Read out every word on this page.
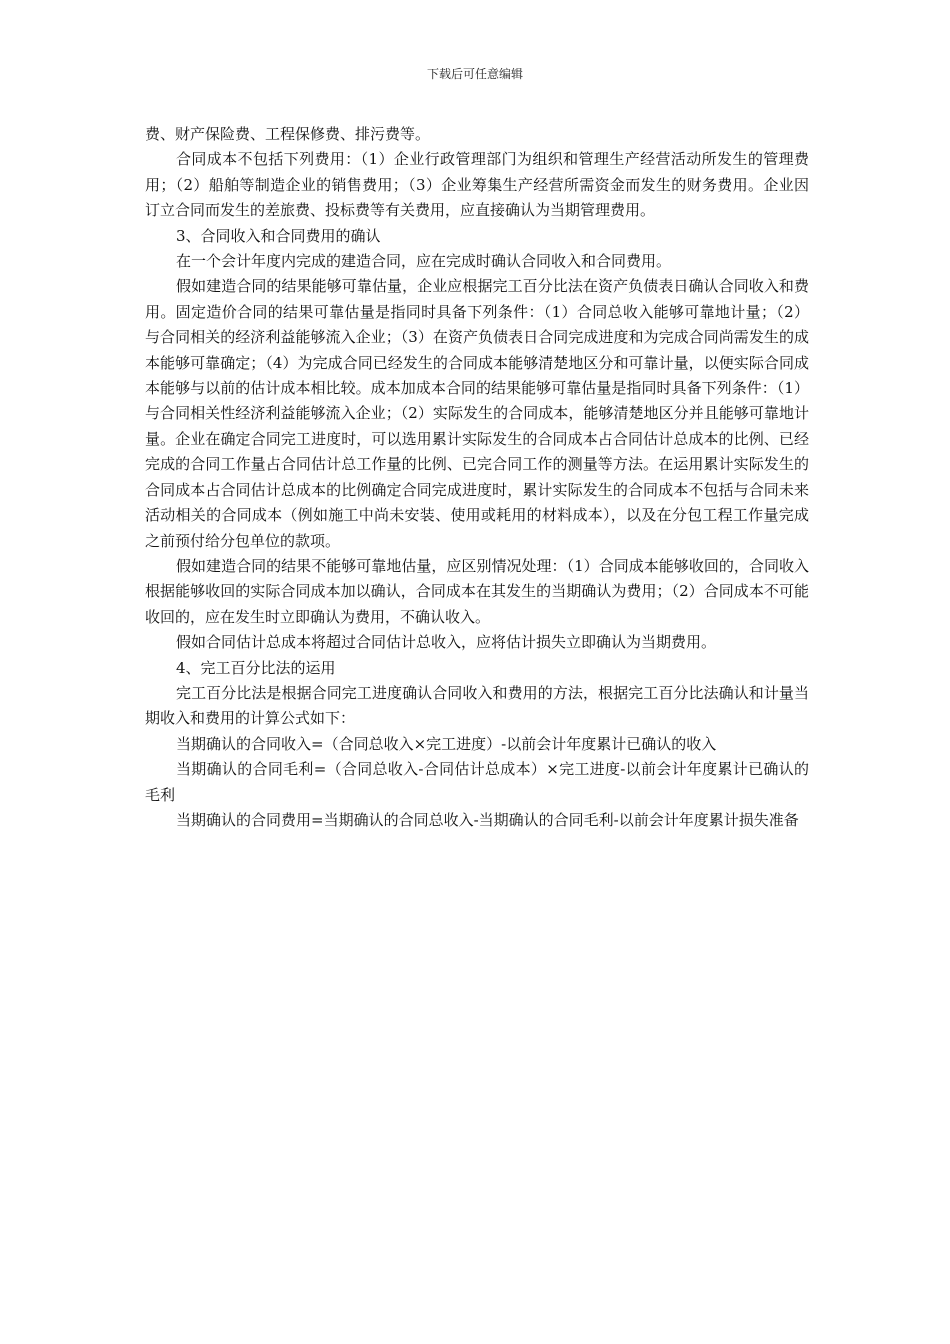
下载后可任意编辑

费、财产保险费、工程保修费、排污费等。

合同成本不包括下列费用：（1）企业行政管理部门为组织和管理生产经营活动所发生的管理费用；（2）船舶等制造企业的销售费用；（3）企业筹集生产经营所需资金而发生的财务费用。企业因订立合同而发生的差旅费、投标费等有关费用，应直接确认为当期管理费用。

3、合同收入和合同费用的确认

在一个会计年度内完成的建造合同，应在完成时确认合同收入和合同费用。

假如建造合同的结果能够可靠估量，企业应根据完工百分比法在资产负债表日确认合同收入和费用。固定造价合同的结果可靠估量是指同时具备下列条件：（1）合同总收入能够可靠地计量；（2）与合同相关的经济利益能够流入企业；（3）在资产负债表日合同完成进度和为完成合同尚需发生的成本能够可靠确定；（4）为完成合同已经发生的合同成本能够清楚地区分和可靠计量，以便实际合同成本能够与以前的估计成本相比较。成本加成本合同的结果能够可靠估量是指同时具备下列条件：（1）与合同相关性经济利益能够流入企业；（2）实际发生的合同成本，能够清楚地区分并且能够可靠地计量。企业在确定合同完工进度时，可以选用累计实际发生的合同成本占合同估计总成本的比例、已经完成的合同工作量占合同估计总工作量的比例、已完合同工作的测量等方法。在运用累计实际发生的合同成本占合同估计总成本的比例确定合同完成进度时，累计实际发生的合同成本不包括与合同未来活动相关的合同成本（例如施工中尚未安装、使用或耗用的材料成本），以及在分包工程工作量完成之前预付给分包单位的款项。

假如建造合同的结果不能够可靠地估量，应区别情况处理：（1）合同成本能够收回的，合同收入根据能够收回的实际合同成本加以确认，合同成本在其发生的当期确认为费用；（2）合同成本不可能收回的，应在发生时立即确认为费用，不确认收入。

假如合同估计总成本将超过合同估计总收入，应将估计损失立即确认为当期费用。

4、完工百分比法的运用

完工百分比法是根据合同完工进度确认合同收入和费用的方法，根据完工百分比法确认和计量当期收入和费用的计算公式如下：

当期确认的合同收入=（合同总收入×完工进度）-以前会计年度累计已确认的收入

当期确认的合同毛利=（合同总收入-合同估计总成本）×完工进度-以前会计年度累计已确认的毛利

当期确认的合同费用=当期确认的合同总收入-当期确认的合同毛利-以前会计年度累计损失准备
